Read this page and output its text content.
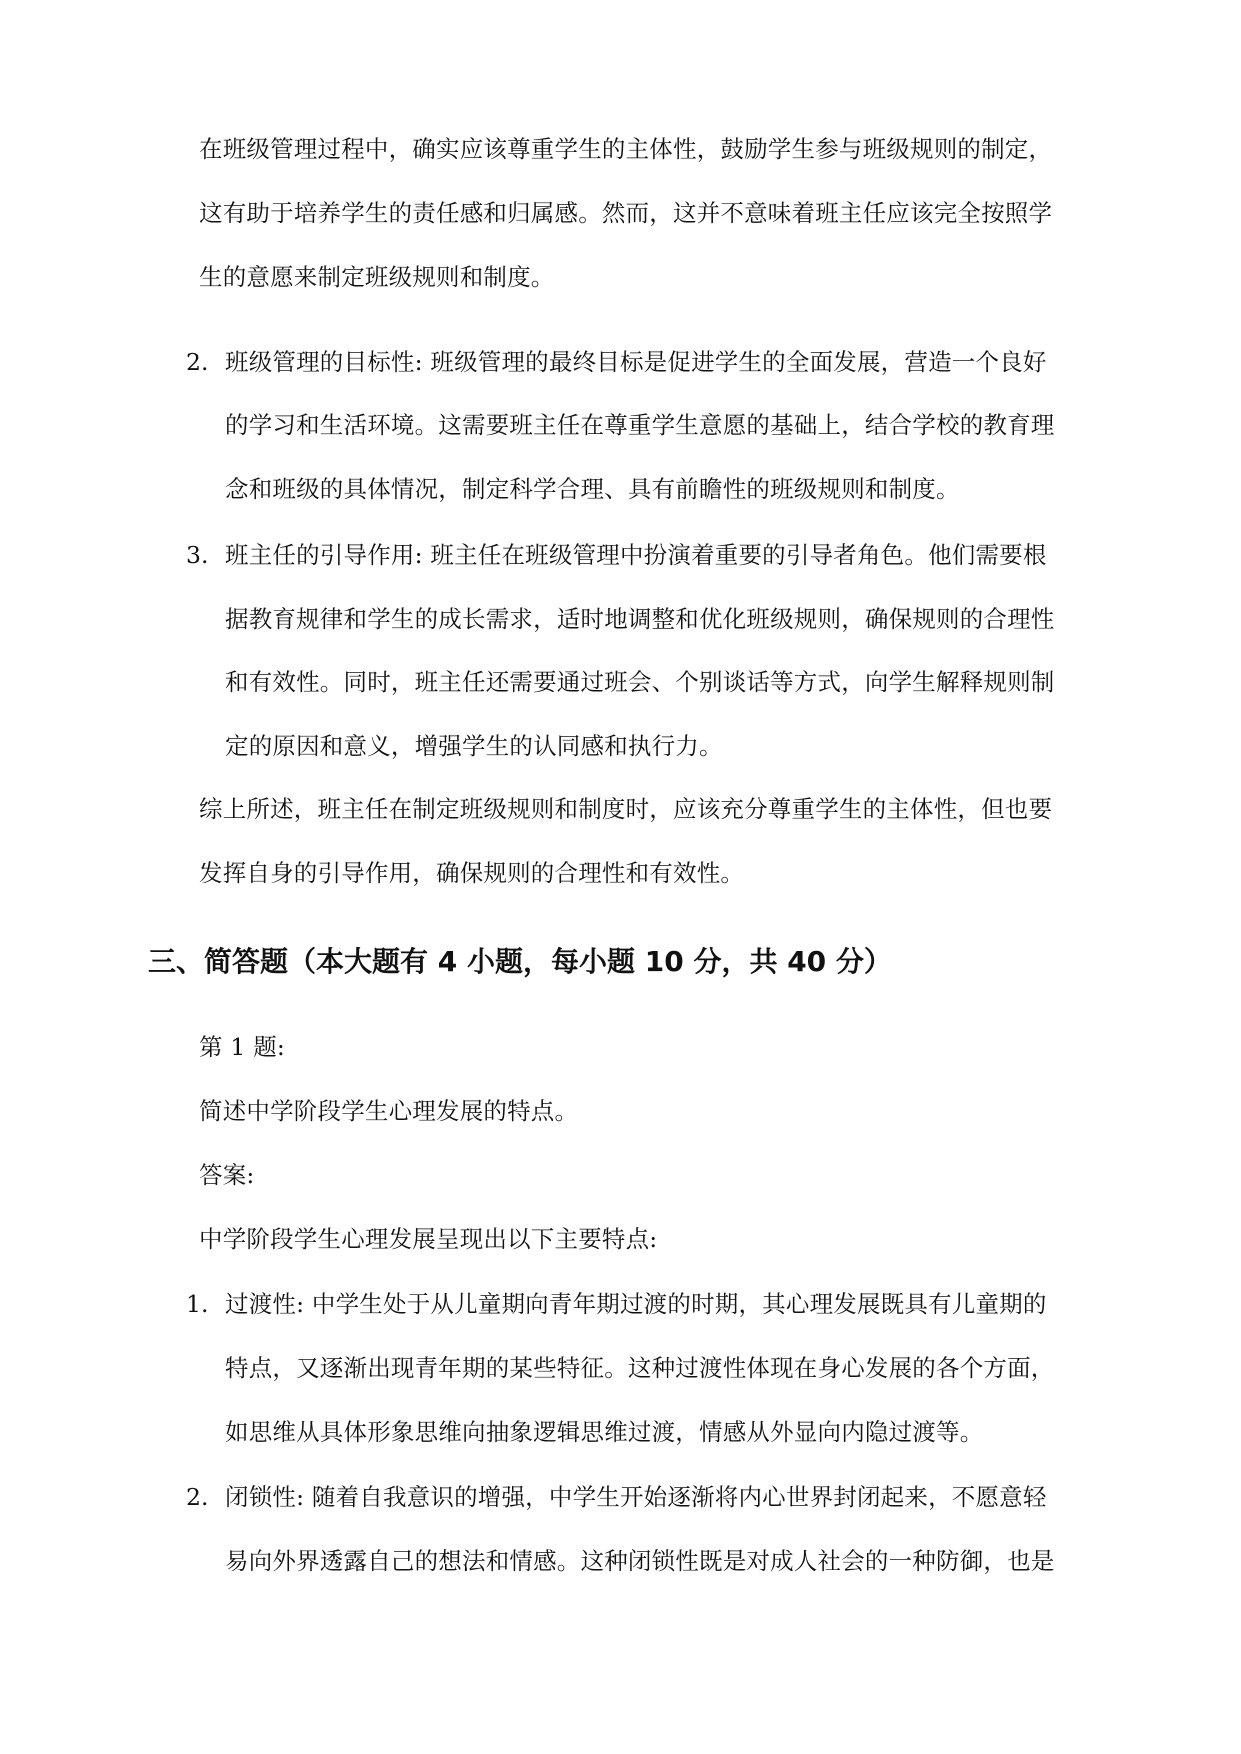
在班级管理过程中，确实应该尊重学生的主体性，鼓励学生参与班级规则的制定，
这有助于培养学生的责任感和归属感。然而，这并不意味着班主任应该完全按照学
生的意愿来制定班级规则和制度。
2. 班级管理的目标性: 班级管理的最终目标是促进学生的全面发展，营造一个良好
的学习和生活环境。这需要班主任在尊重学生意愿的基础上，结合学校的教育理
念和班级的具体情况，制定科学合理、具有前瞻性的班级规则和制度。
3. 班主任的引导作用: 班主任在班级管理中扮演着重要的引导者角色。他们需要根
据教育规律和学生的成长需求，适时地调整和优化班级规则，确保规则的合理性
和有效性。同时，班主任还需要通过班会、个别谈话等方式，向学生解释规则制
定的原因和意义，增强学生的认同感和执行力。
综上所述，班主任在制定班级规则和制度时，应该充分尊重学生的主体性，但也要
发挥自身的引导作用，确保规则的合理性和有效性。
三、简答题（本大题有 4 小题，每小题 10 分，共 40 分）
第 1 题:
简述中学阶段学生心理发展的特点。
答案:
中学阶段学生心理发展呈现出以下主要特点:
1. 过渡性: 中学生处于从儿童期向青年期过渡的时期，其心理发展既具有儿童期的
特点，又逐渐出现青年期的某些特征。这种过渡性体现在身心发展的各个方面，
如思维从具体形象思维向抽象逻辑思维过渡，情感从外显向内隐过渡等。
2. 闭锁性: 随着自我意识的增强，中学生开始逐渐将内心世界封闭起来，不愿意轻
易向外界透露自己的想法和情感。这种闭锁性既是对成人社会的一种防御，也是
